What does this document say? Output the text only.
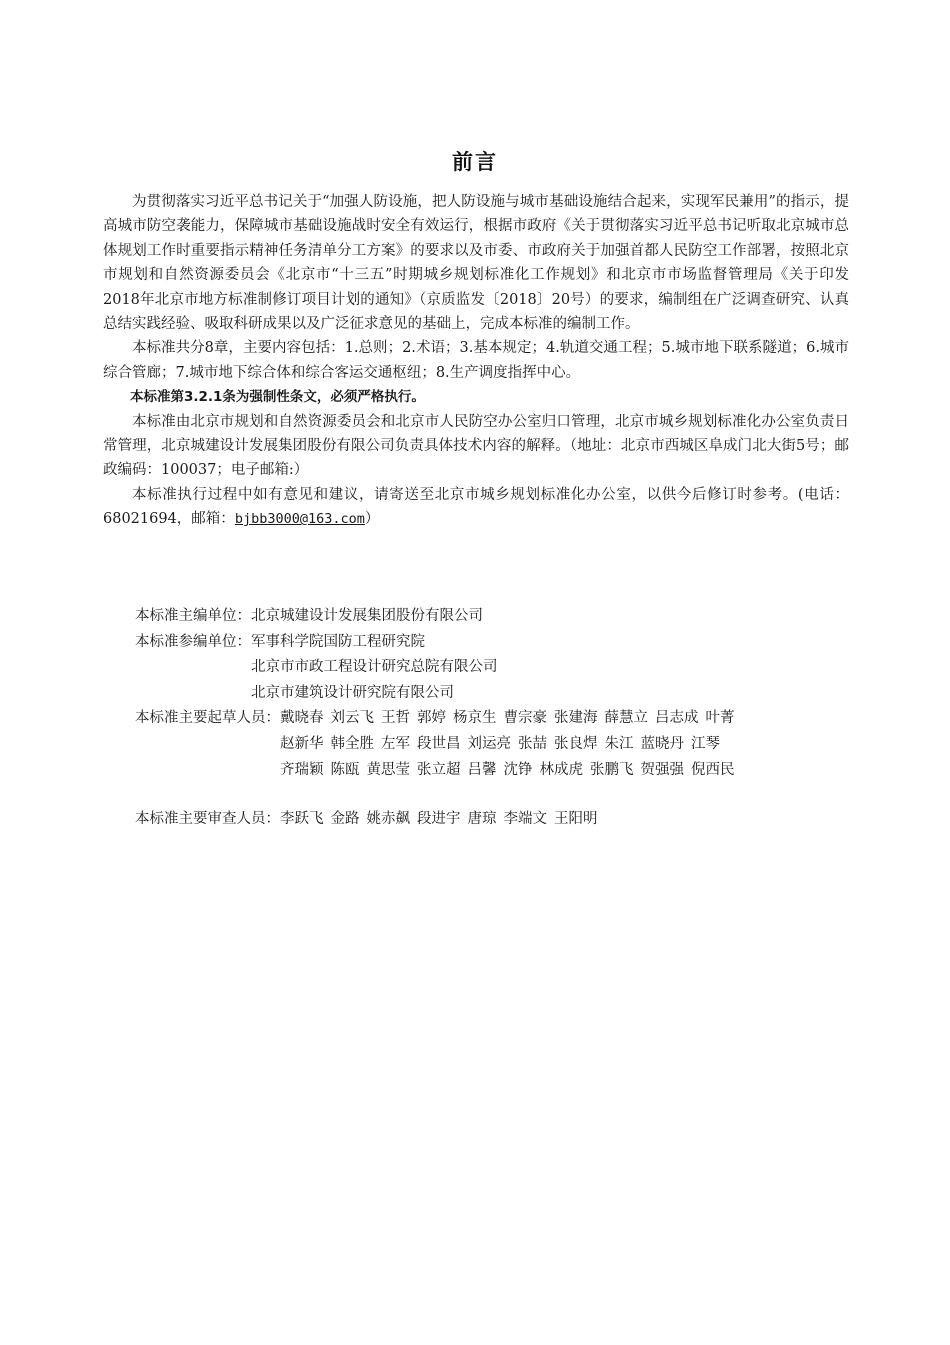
前言

为贯彻落实习近平总书记关于“加强人防设施，把人防设施与城市基础设施结合起来，实现军民兼用”的指示，提高城市防空袭能力，保障城市基础设施战时安全有效运行，根据市政府《关于贯彻落实习近平总书记听取北京城市总体规划工作时重要指示精神任务清单分工方案》的要求以及市委、市政府关于加强首都人民防空工作部署，按照北京市规划和自然资源委员会《北京市“十三五”时期城乡规划标准化工作规划》和北京市市场监督管理局《关于印发2018年北京市地方标准制修订项目计划的通知》（京质监发〔2018〕20号）的要求，编制组在广泛调查研究、认真总结实践经验、吸取科研成果以及广泛征求意见的基础上，完成本标准的编制工作。

本标准共分8章，主要内容包括：1.总则；2.术语；3.基本规定；4.轨道交通工程；5.城市地下联系隧道；6.城市综合管廊；7.城市地下综合体和综合客运交通枢纽；8.生产调度指挥中心。

本标准第3.2.1条为强制性条文，必须严格执行。

本标准由北京市规划和自然资源委员会和北京市人民防空办公室归口管理，北京市城乡规划标准化办公室负责日常管理，北京城建设计发展集团股份有限公司负责具体技术内容的解释。（地址：北京市西城区阜成门北大街5号；邮政编码：100037；电子邮箱:）

本标准执行过程中如有意见和建议，请寄送至北京市城乡规划标准化办公室，以供今后修订时参考。(电话：68021694，邮箱：bjbb3000@163.com）

本标准主编单位： 北京城建设计发展集团股份有限公司
本标准参编单位： 军事科学院国防工程研究院
北京市市政工程设计研究总院有限公司
北京市建筑设计研究院有限公司
本标准主要起草人员： 戴晓春 刘云飞 王哲 郭婷 杨京生 曹宗豪 张建海 薛慧立 吕志成 叶菁
赵新华 韩全胜 左军 段世昌 刘运亮 张喆 张良焊 朱江 蓝晓丹 江琴
齐瑞颖 陈瓯 黄思莹 张立超 吕馨 沈铮 林成虎 张鹏飞 贺强强 倪西民
本标准主要审查人员： 李跃飞 金路 姚赤飙 段进宇 唐琼 李端文 王阳明
